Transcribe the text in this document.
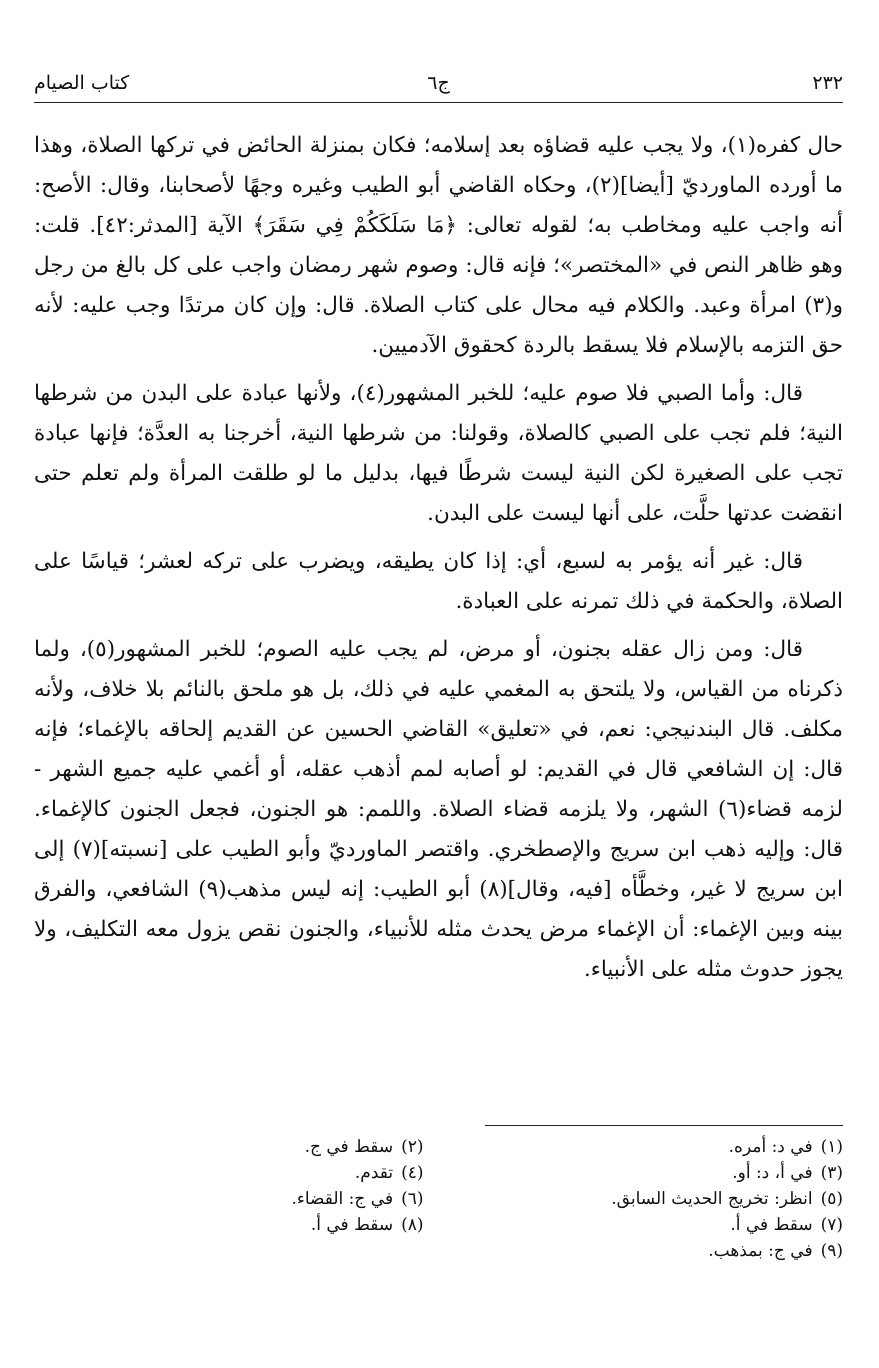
٢٣٢
ج٦
كتاب الصيام

حال كفره(١)، ولا يجب عليه قضاؤه بعد إسلامه؛ فكان بمنزلة الحائض في تركها الصلاة، وهذا ما أورده الماورديّ [أيضا](٢)، وحكاه القاضي أبو الطيب وغيره وجهًا لأصحابنا، وقال: الأصح: أنه واجب عليه ومخاطب به؛ لقوله تعالى: ﴿مَا سَلَكَكُمْ فِي سَقَرَ﴾ الآية [المدثر:٤٢]. قلت: وهو ظاهر النص في «المختصر»؛ فإنه قال: وصوم شهر رمضان واجب على كل بالغ من رجل و(٣) امرأة وعبد. والكلام فيه محال على كتاب الصلاة. قال: وإن كان مرتدًا وجب عليه: لأنه حق التزمه بالإسلام فلا يسقط بالردة كحقوق الآدميين.

قال: وأما الصبي فلا صوم عليه؛ للخبر المشهور(٤)، ولأنها عبادة على البدن من شرطها النية؛ فلم تجب على الصبي كالصلاة، وقولنا: من شرطها النية، أخرجنا به العدَّة؛ فإنها عبادة تجب على الصغيرة لكن النية ليست شرطًا فيها، بدليل ما لو طلقت المرأة ولم تعلم حتى انقضت عدتها حلَّت، على أنها ليست على البدن.

قال: غير أنه يؤمر به لسبع، أي: إذا كان يطيقه، ويضرب على تركه لعشر؛ قياسًا على الصلاة، والحكمة في ذلك تمرنه على العبادة.

قال: ومن زال عقله بجنون، أو مرض، لم يجب عليه الصوم؛ للخبر المشهور(٥)، ولما ذكرناه من القياس، ولا يلتحق به المغمي عليه في ذلك، بل هو ملحق بالنائم بلا خلاف، ولأنه مكلف. قال البندنيجي: نعم، في «تعليق» القاضي الحسين عن القديم إلحاقه بالإغماء؛ فإنه قال: إن الشافعي قال في القديم: لو أصابه لمم أذهب عقله، أو أغمي عليه جميع الشهر - لزمه قضاء(٦) الشهر، ولا يلزمه قضاء الصلاة. واللمم: هو الجنون، فجعل الجنون كالإغماء. قال: وإليه ذهب ابن سريج والإصطخري. واقتصر الماورديّ وأبو الطيب على [نسبته](٧) إلى ابن سريج لا غير، وخطَّأه [فيه، وقال](٨) أبو الطيب: إنه ليس مذهب(٩) الشافعي، والفرق بينه وبين الإغماء: أن الإغماء مرض يحدث مثله للأنبياء، والجنون نقص يزول معه التكليف، ولا يجوز حدوث مثله على الأنبياء.

(١)
في د: أمره.
(٢)
سقط في ج.
(٣)
في أ، د: أو.
(٤)
تقدم.
(٥)
انظر: تخريج الحديث السابق.
(٦)
في ج: القضاء.
(٧)
سقط في أ.
(٨)
سقط في أ.
(٩)
في ج: بمذهب.
